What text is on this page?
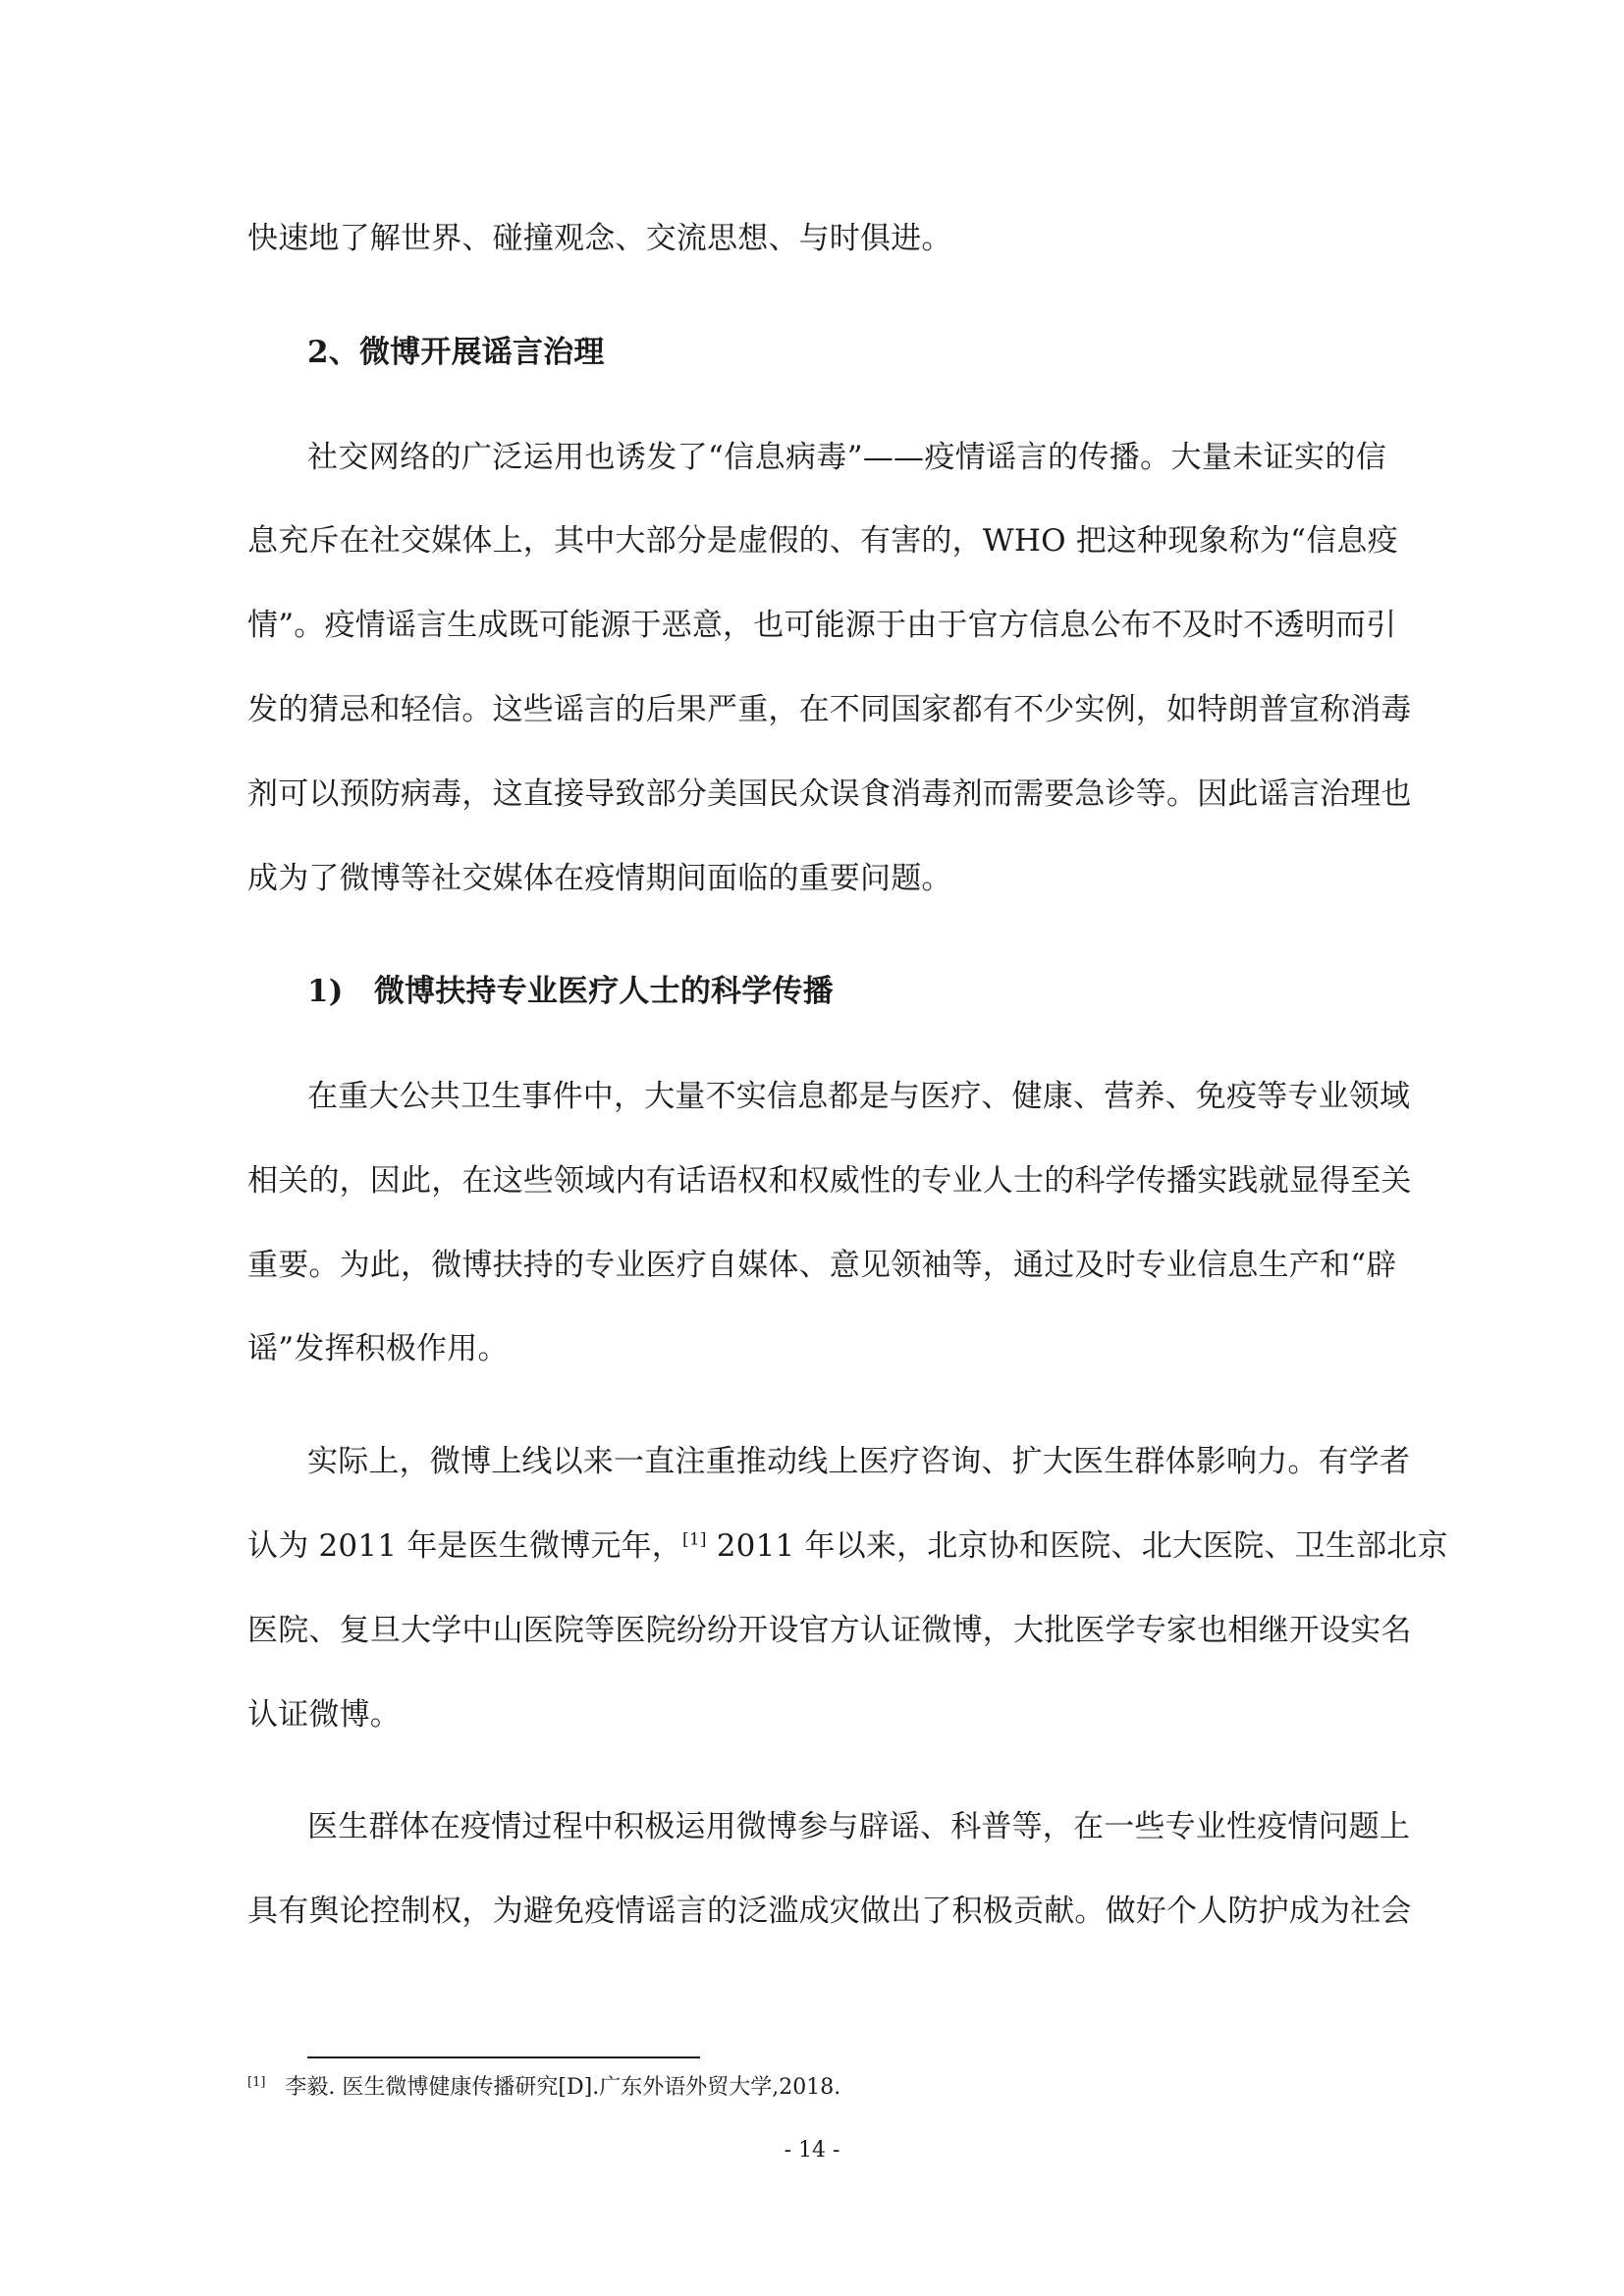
快速地了解世界、碰撞观念、交流思想、与时俱进。
2、微博开展谣言治理
社交网络的广泛运用也诱发了“信息病毒”——疫情谣言的传播。大量未证实的信
息充斥在社交媒体上，其中大部分是虚假的、有害的，WHO 把这种现象称为“信息疫
情”。疫情谣言生成既可能源于恶意，也可能源于由于官方信息公布不及时不透明而引
发的猜忌和轻信。这些谣言的后果严重，在不同国家都有不少实例，如特朗普宣称消毒
剂可以预防病毒，这直接导致部分美国民众误食消毒剂而需要急诊等。因此谣言治理也
成为了微博等社交媒体在疫情期间面临的重要问题。
1)　微博扶持专业医疗人士的科学传播
在重大公共卫生事件中，大量不实信息都是与医疗、健康、营养、免疫等专业领域
相关的，因此，在这些领域内有话语权和权威性的专业人士的科学传播实践就显得至关
重要。为此，微博扶持的专业医疗自媒体、意见领袖等，通过及时专业信息生产和“辟
谣”发挥积极作用。
实际上，微博上线以来一直注重推动线上医疗咨询、扩大医生群体影响力。有学者
认为 2011 年是医生微博元年，[1] 2011 年以来，北京协和医院、北大医院、卫生部北京
医院、复旦大学中山医院等医院纷纷开设官方认证微博，大批医学专家也相继开设实名
认证微博。
医生群体在疫情过程中积极运用微博参与辟谣、科普等，在一些专业性疫情问题上
具有舆论控制权，为避免疫情谣言的泛滥成灾做出了积极贡献。做好个人防护成为社会
[1] 李毅. 医生微博健康传播研究[D].广东外语外贸大学,2018.
- 14 -
